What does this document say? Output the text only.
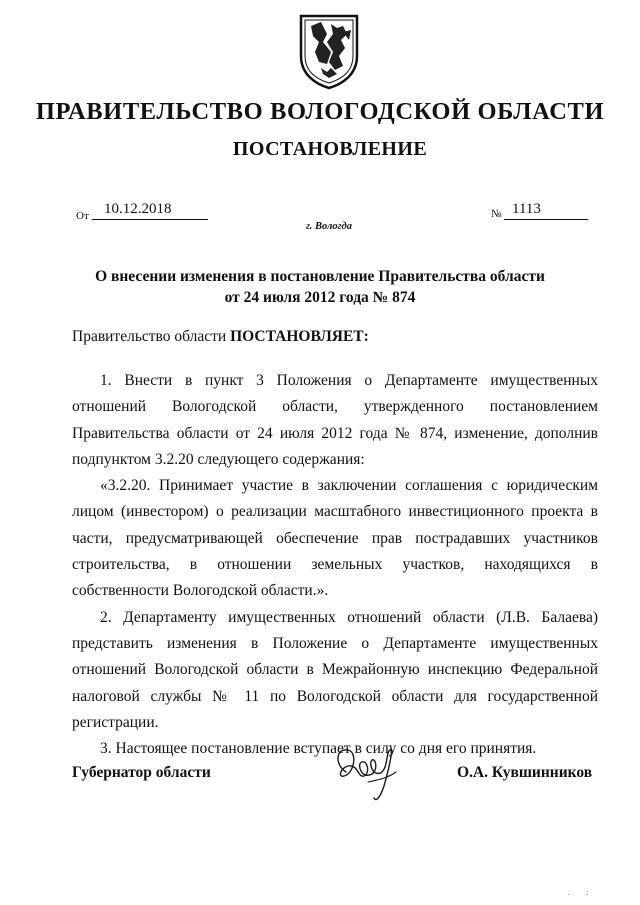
ПРАВИТЕЛЬСТВО ВОЛОГОДСКОЙ ОБЛАСТИ
ПОСТАНОВЛЕНИЕ
От	10.12.2018	№ 1113
г. Вологда
О внесении изменения в постановление Правительства области
от 24 июля 2012 года № 874
Правительство области ПОСТАНОВЛЯЕТ:

1. Внести в пункт 3 Положения о Департаменте имущественных отношений Вологодской области, утвержденного постановлением Правительства области от 24 июля 2012 года № 874, изменение, дополнив подпунктом 3.2.20 следующего содержания:

«3.2.20. Принимает участие в заключении соглашения с юридическим лицом (инвестором) о реализации масштабного инвестиционного проекта в части, предусматривающей обеспечение прав пострадавших участников строительства, в отношении земельных участков, находящихся в собственности Вологодской области.».

2. Департаменту имущественных отношений области (Л.В. Балаева) представить изменения в Положение о Департаменте имущественных отношений Вологодской области в Межрайонную инспекцию Федеральной налоговой службы № 11 по Вологодской области для государственной регистрации.

3. Настоящее постановление вступает в силу со дня его принятия.

Губернатор области	О.А. Кувшинников
.  :
